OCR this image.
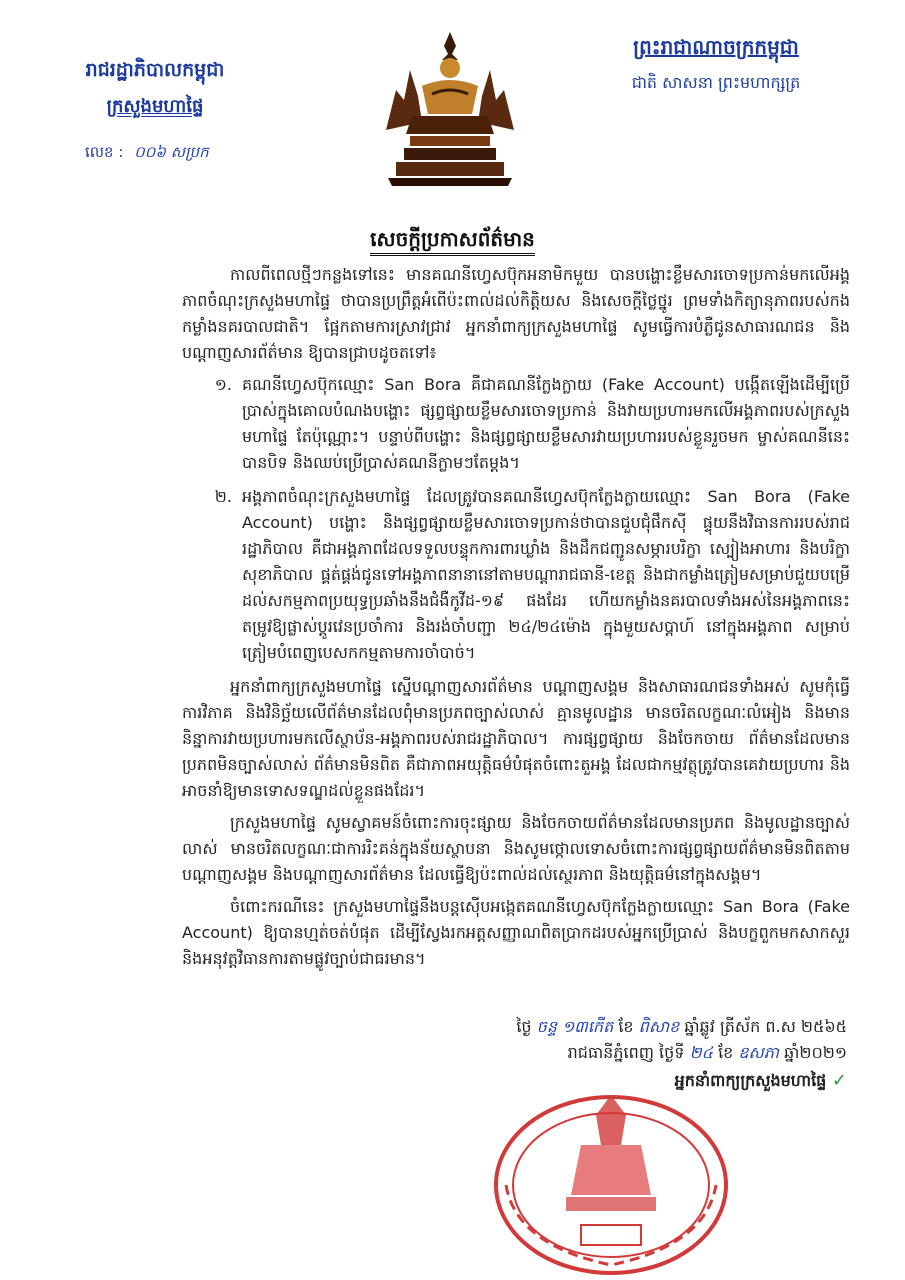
រាជរដ្ឋាភិបាលកម្ពុជា
ក្រសួងមហាផ្ទៃ
លេខ : ០០៦ សប្រក
ព្រះរាជាណាចក្រកម្ពុជា
ជាតិ សាសនា ព្រះមហាក្សត្រ
សេចក្តីប្រកាសព័ត៌មាន

កាលពីពេលថ្មីៗកន្លងទៅនេះ មានគណនីហ្វេសប៊ុកអនាមិកមួយ បានបង្ហោះខ្លឹមសារចោទប្រកាន់មកលើអង្គភាពចំណុះក្រសួងមហាផ្ទៃ ថាបានប្រព្រឹត្តអំពើប៉ះពាល់ដល់កិត្តិយស និងសេចក្តីថ្លៃថ្នូរ ព្រមទាំងកិត្យានុភាពរបស់កងកម្លាំងនគរបាលជាតិ។ ផ្អែកតាមការស្រាវជ្រាវ អ្នកនាំពាក្យក្រសួងមហាផ្ទៃ សូមធ្វើការបំភ្លឺជូនសាធារណជន និងបណ្តាញសារព័ត៌មាន ឱ្យបានជ្រាបដូចតទៅ៖

១. គណនីហ្វេសប៊ុកឈ្មោះ San Bora គឺជាគណនីក្លែងក្លាយ (Fake Account) បង្កើតឡើងដើម្បីប្រើប្រាស់ក្នុងគោលបំណងបង្ហោះ ផ្សព្វផ្សាយខ្លឹមសារចោទប្រកាន់ និងវាយប្រហារមកលើអង្គភាពរបស់ក្រសួងមហាផ្ទៃ តែប៉ុណ្ណោះ។ បន្ទាប់ពីបង្ហោះ និងផ្សព្វផ្សាយខ្លឹមសារវាយប្រហាររបស់ខ្លួនរួចមក ម្ចាស់គណនីនេះបានបិទ និងឈប់ប្រើប្រាស់គណនីក្លាមៗតែម្តង។
២. អង្គភាពចំណុះក្រសួងមហាផ្ទៃ ដែលត្រូវបានគណនីហ្វេសប៊ុកក្លែងក្លាយឈ្មោះ San Bora (Fake Account) បង្ហោះ និងផ្សព្វផ្សាយខ្លឹមសារចោទប្រកាន់ថាបានជួបជុំផឹកស៊ី ផ្ទុយនឹងវិធានការរបស់រាជរដ្ឋាភិបាល គឺជាអង្គភាពដែលទទួលបន្ទុកការពារឃ្លាំង និងដឹកជញ្ជូនសម្ភារបរិក្ខា ស្បៀងអាហារ និងបរិក្ខាសុខាភិបាល ផ្គត់ផ្គង់ជូនទៅអង្គភាពនានានៅតាមបណ្តារាជធានី-ខេត្ត និងជាកម្លាំងត្រៀមសម្រាប់ជួយបម្រើដល់សកម្មភាពប្រយុទ្ធប្រឆាំងនឹងជំងឺកូវីដ-១៩ ផងដែរ ហើយកម្លាំងនគរបាលទាំងអស់នៃអង្គភាពនេះ តម្រូវឱ្យផ្លាស់ប្តូរវេនប្រចាំការ និងរង់ចាំបញ្ជា ២៤/២៤ម៉ោង ក្នុងមួយសប្តាហ៍ នៅក្នុងអង្គភាព សម្រាប់ត្រៀមបំពេញបេសកកម្មតាមការចាំបាច់។

អ្នកនាំពាក្យក្រសួងមហាផ្ទៃ ស្នើបណ្តាញសារព័ត៌មាន បណ្តាញសង្គម និងសាធារណជនទាំងអស់ សូមកុំធ្វើការវិភាគ និងវិនិច្ឆ័យលើព័ត៌មានដែលពុំមានប្រភពច្បាស់លាស់ គ្មានមូលដ្ឋាន មានចរិតលក្ខណៈលំអៀង និងមាននិន្នាការវាយប្រហារមកលើស្ថាប័ន-អង្គភាពរបស់រាជរដ្ឋាភិបាល។ ការផ្សព្វផ្សាយ និងចែកចាយ ព័ត៌មានដែលមានប្រភពមិនច្បាស់លាស់ ព័ត៌មានមិនពិត គឺជាភាពអយុត្តិធម៌បំផុតចំពោះតួអង្គ ដែលជាកម្មវត្ថុត្រូវបានគេវាយប្រហារ និងអាចនាំឱ្យមានទោសទណ្ឌដល់ខ្លួនផងដែរ។

ក្រសួងមហាផ្ទៃ សូមស្វាគមន៍ចំពោះការចុះផ្សាយ និងចែកចាយព័ត៌មានដែលមានប្រភព និងមូលដ្ឋានច្បាស់លាស់ មានចរិតលក្ខណៈជាការរិះគន់ក្នុងន័យស្ថាបនា និងសូមថ្កោលទោសចំពោះការផ្សព្វផ្សាយព័ត៌មានមិនពិតតាមបណ្តាញសង្គម និងបណ្តាញសារព័ត៌មាន ដែលធ្វើឱ្យប៉ះពាល់ដល់ស្ថេរភាព និងយុត្តិធម៌នៅក្នុងសង្គម។

ចំពោះករណីនេះ ក្រសួងមហាផ្ទៃនឹងបន្តស៊ើបអង្កេតគណនីហ្វេសប៊ុកក្លែងក្លាយឈ្មោះ San Bora (Fake Account) ឱ្យបានហ្មត់ចត់បំផុត ដើម្បីស្វែងរកអត្តសញ្ញាណពិតប្រាកដរបស់អ្នកប្រើប្រាស់ និងបក្ខពួកមកសាកសួរ និងអនុវត្តវិធានការតាមផ្លូវច្បាប់ជាធរមាន។

ថ្ងៃ ចន្ទ ១៣កើត ខែ ពិសាខ ឆ្នាំឆ្លូវ ត្រីស័ក ព.ស ២៥៦៥
រាជធានីភ្នំពេញ ថ្ងៃទី ២៤ ខែ ឧសភា ឆ្នាំ២០២១
អ្នកនាំពាក្យក្រសួងមហាផ្ទៃ ✓
